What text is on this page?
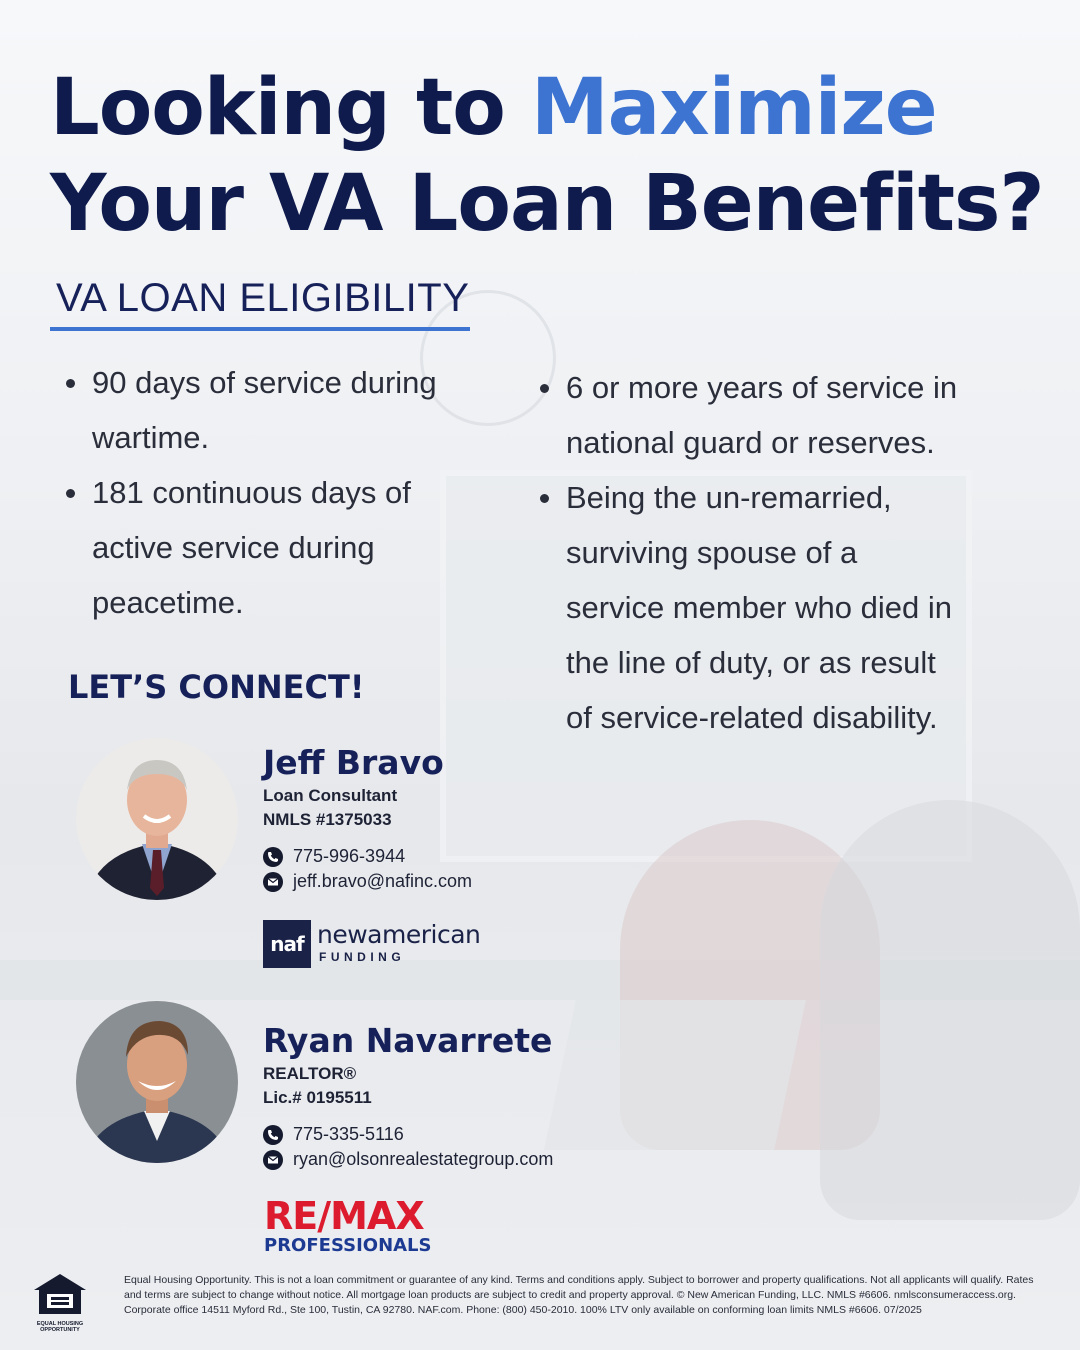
Looking to Maximize
Your VA Loan Benefits?
VA LOAN ELIGIBILITY
90 days of service during wartime.
181 continuous days of active service during peacetime.
6 or more years of service in national guard or reserves.
Being the un-remarried, surviving spouse of a service member who died in the line of duty, or as result of service-related disability.
LET’S CONNECT!

Jeff Bravo

Loan Consultant
NMLS #1375033
775-996-3944
jeff.bravo@nafinc.com
naf newamerican
FUNDING

Ryan Navarrete

REALTOR®
Lic.# 0195511
775-335-5116
ryan@olsonrealestategroup.com
RE/MAX
PROFESSIONALS
EQUAL HOUSING
OPPORTUNITY

Equal Housing Opportunity. This is not a loan commitment or guarantee of any kind. Terms and conditions apply. Subject to borrower and property qualifications. Not all applicants will qualify. Rates and terms are subject to change without notice. All mortgage loan products are subject to credit and property approval. © New American Funding, LLC. NMLS #6606. nmlsconsumeraccess.org. Corporate office 14511 Myford Rd., Ste 100, Tustin, CA 92780. NAF.com. Phone: (800) 450-2010. 100% LTV only available on conforming loan limits NMLS #6606. 07/2025
